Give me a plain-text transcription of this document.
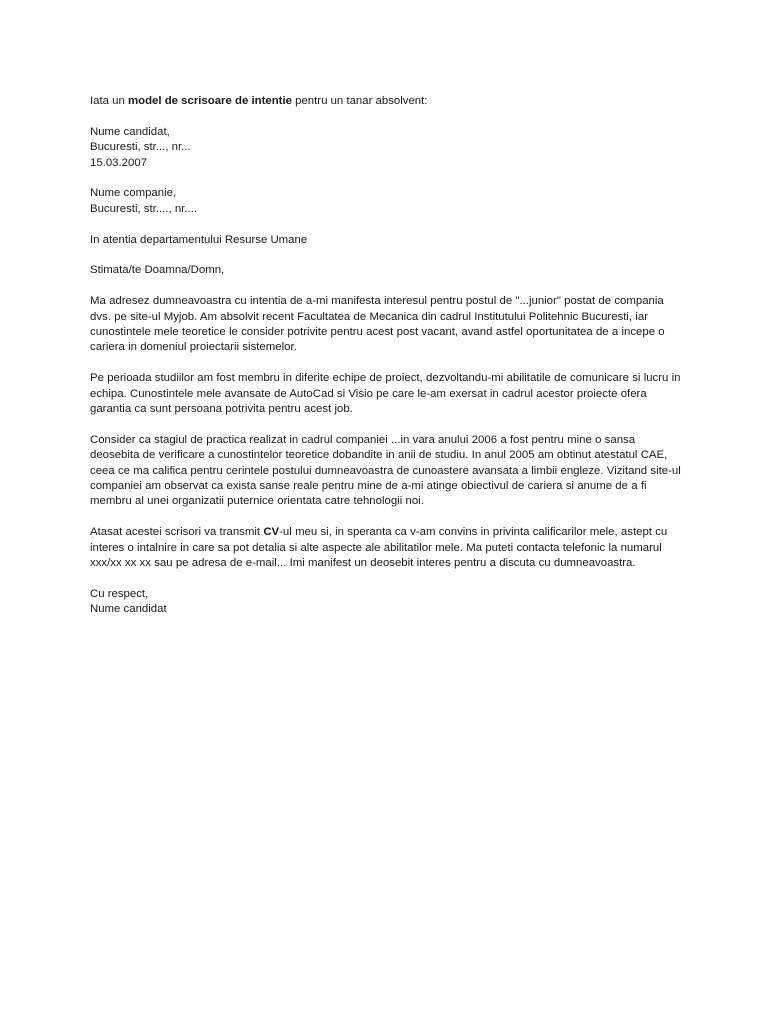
Iata un model de scrisoare de intentie pentru un tanar absolvent:

Nume candidat,
Bucuresti, str..., nr...
15.03.2007
Nume companie,
Bucuresti, str...., nr....
In atentia departamentului Resurse Umane
Stimata/te Doamna/Domn,
Ma adresez dumneavoastra cu intentia de a-mi manifesta interesul pentru postul de "...junior" postat de compania
dvs. pe site-ul Myjob. Am absolvit recent Facultatea de Mecanica din cadrul Institutului Politehnic Bucuresti, iar
cunostintele mele teoretice le consider potrivite pentru acest post vacant, avand astfel oportunitatea de a incepe o
cariera in domeniul proiectarii sistemelor.
Pe perioada studiilor am fost membru in diferite echipe de proiect, dezvoltandu-mi abilitatile de comunicare si lucru in
echipa. Cunostintele mele avansate de AutoCad si Visio pe care le-am exersat in cadrul acestor proiecte ofera
garantia ca sunt persoana potrivita pentru acest job.
Consider ca stagiul de practica realizat in cadrul companiei ...in vara anului 2006 a fost pentru mine o sansa
deosebita de verificare a cunostintelor teoretice dobandite in anii de studiu. In anul 2005 am obtinut atestatul CAE,
ceea ce ma califica pentru cerintele postului dumneavoastra de cunoastere avansata a limbii engleze. Vizitand site-ul
companiei am observat ca exista sanse reale pentru mine de a-mi atinge obiectivul de cariera si anume de a fi
membru al unei organizatii puternice orientata catre tehnologii noi.
Atasat acestei scrisori va transmit CV-ul meu si, in speranta ca v-am convins in privinta calificarilor mele, astept cu
interes o intalnire in care sa pot detalia si alte aspecte ale abilitatilor mele. Ma puteti contacta telefonic la numarul
xxx/xx xx xx sau pe adresa de e-mail... Imi manifest un deosebit interes pentru a discuta cu dumneavoastra.
Cu respect,
Nume candidat
